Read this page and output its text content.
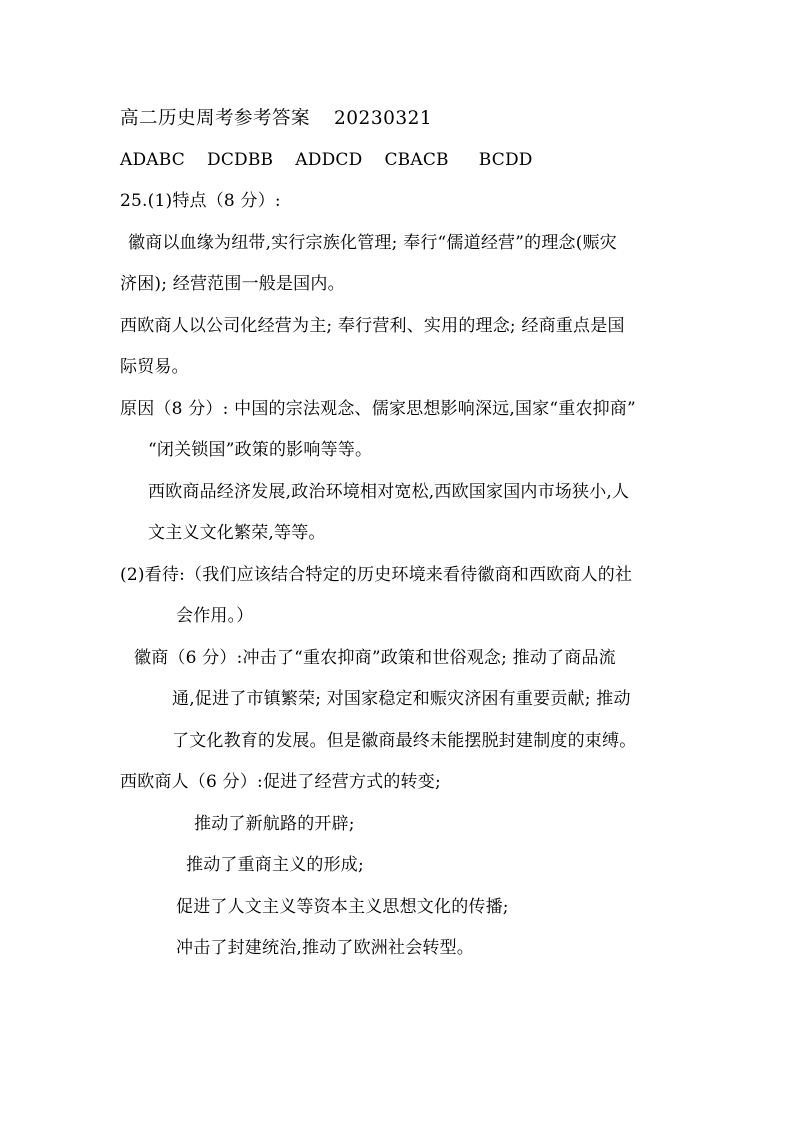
高二历史周考参考答案 20230321
ADABC DCDBB ADDCD CBACB BCDD
25.(1)特点（8 分）:
徽商以血缘为纽带,实行宗族化管理; 奉行“儒道经营”的理念(赈灾
济困); 经营范围一般是国内。
西欧商人以公司化经营为主; 奉行营利、实用的理念; 经商重点是国
际贸易。
原因（8 分）: 中国的宗法观念、儒家思想影响深远,国家“重农抑商”
“闭关锁国”政策的影响等等。
西欧商品经济发展,政治环境相对宽松,西欧国家国内市场狭小,人
文主义文化繁荣,等等。
(2)看待:（我们应该结合特定的历史环境来看待徽商和西欧商人的社
会作用。）
徽商（6 分）:冲击了“重农抑商”政策和世俗观念; 推动了商品流
通,促进了市镇繁荣; 对国家稳定和赈灾济困有重要贡献; 推动
了文化教育的发展。但是徽商最终未能摆脱封建制度的束缚。
西欧商人（6 分）:促进了经营方式的转变;
推动了新航路的开辟;
推动了重商主义的形成;
促进了人文主义等资本主义思想文化的传播;
冲击了封建统治,推动了欧洲社会转型。
